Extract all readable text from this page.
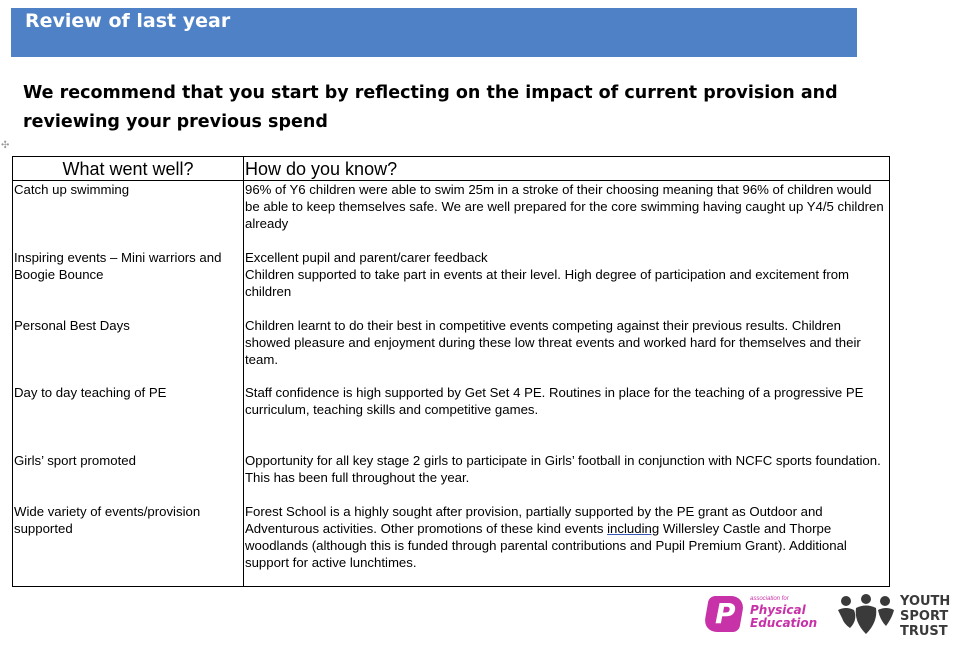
Review of last year
We recommend that you start by reflecting on the impact of current provision and reviewing your previous spend
✣
What went well?	How do you know?
Catch up swimming	96% of Y6 children were able to swim 25m in a stroke of their choosing meaning that 96% of children would be able to keep themselves safe. We are well prepared for the core swimming having caught up Y4/5 children already
Inspiring events – Mini warriors and Boogie Bounce	Excellent pupil and parent/carer feedback
Children supported to take part in events at their level. High degree of participation and excitement from children

Personal Best Days	Children learnt to do their best in competitive events competing against their previous results. Children showed pleasure and enjoyment during these low threat events and worked hard for themselves and their team.
Day to day teaching of PE	Staff confidence is high supported by Get Set 4 PE. Routines in place for the teaching of a progressive PE curriculum, teaching skills and competitive games.
Girls’ sport promoted	Opportunity for all key stage 2 girls to participate in Girls’ football in conjunction with NCFC sports foundation. This has been full throughout the year.
Wide variety of events/provision supported	Forest School is a highly sought after provision, partially supported by the PE grant as Outdoor and Adventurous activities. Other promotions of these kind events including Willersley Castle and Thorpe woodlands (although this is funded through parental contributions and Pupil Premium Grant). Additional support for active lunchtimes.
P association for
Physical
Education
YOUTH
SPORT
TRUST
